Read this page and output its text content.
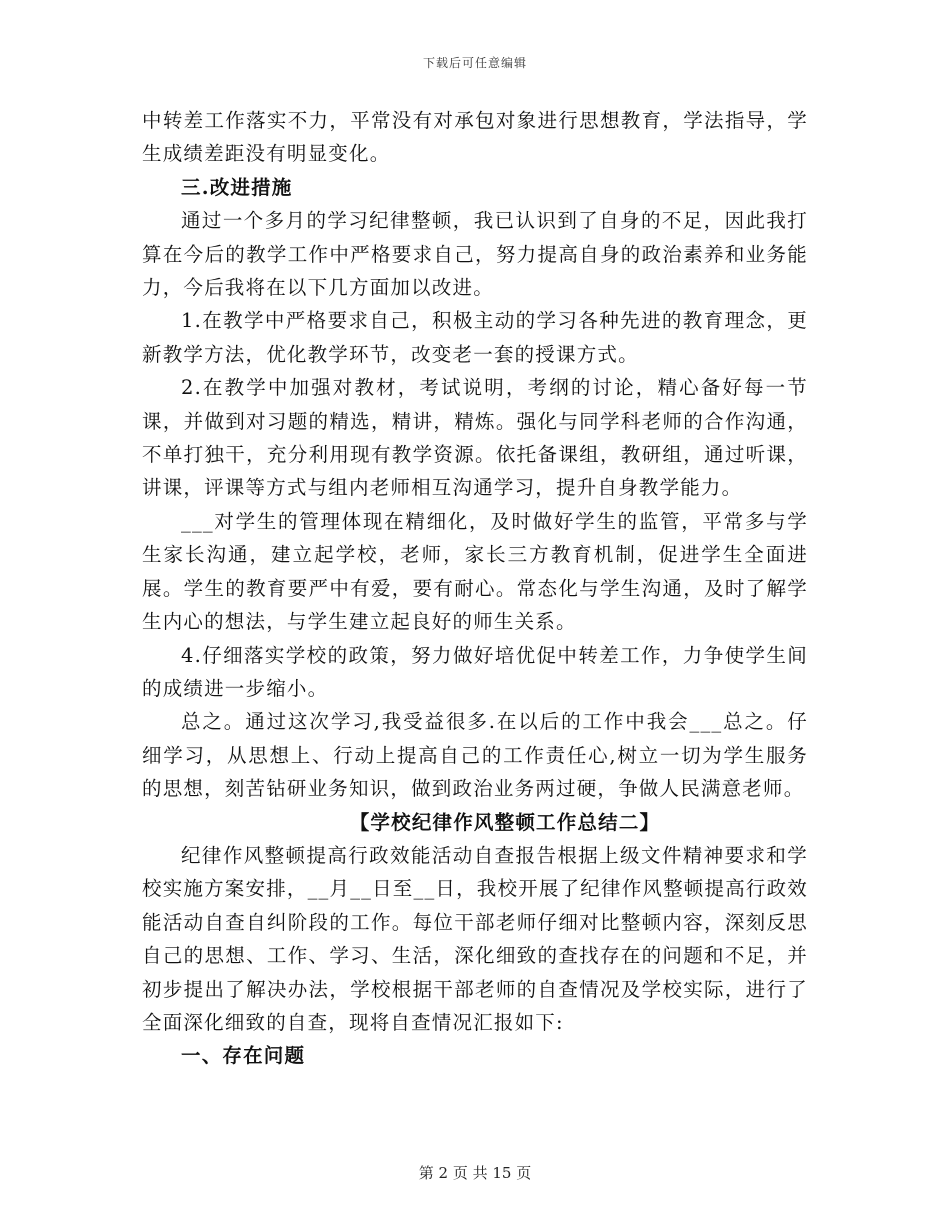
下载后可任意编辑

中转差工作落实不力，平常没有对承包对象进行思想教育，学法指导，学生成绩差距没有明显变化。

三.改进措施

通过一个多月的学习纪律整顿，我已认识到了自身的不足，因此我打算在今后的教学工作中严格要求自己，努力提高自身的政治素养和业务能力，今后我将在以下几方面加以改进。

1.在教学中严格要求自己，积极主动的学习各种先进的教育理念，更新教学方法，优化教学环节，改变老一套的授课方式。

2.在教学中加强对教材，考试说明，考纲的讨论，精心备好每一节课，并做到对习题的精选，精讲，精炼。强化与同学科老师的合作沟通，不单打独干，充分利用现有教学资源。依托备课组，教研组，通过听课，讲课，评课等方式与组内老师相互沟通学习，提升自身教学能力。

___对学生的管理体现在精细化，及时做好学生的监管，平常多与学生家长沟通，建立起学校，老师，家长三方教育机制，促进学生全面进展。学生的教育要严中有爱，要有耐心。常态化与学生沟通，及时了解学生内心的想法，与学生建立起良好的师生关系。

4.仔细落实学校的政策，努力做好培优促中转差工作，力争使学生间的成绩进一步缩小。

总之。通过这次学习,我受益很多.在以后的工作中我会___总之。仔细学习，从思想上、行动上提高自己的工作责任心,树立一切为学生服务的思想，刻苦钻研业务知识，做到政治业务两过硬，争做人民满意老师。

【学校纪律作风整顿工作总结二】

纪律作风整顿提高行政效能活动自查报告根据上级文件精神要求和学校实施方案安排，__月__日至__日，我校开展了纪律作风整顿提高行政效能活动自查自纠阶段的工作。每位干部老师仔细对比整顿内容，深刻反思自己的思想、工作、学习、生活，深化细致的查找存在的问题和不足，并初步提出了解决办法，学校根据干部老师的自查情况及学校实际，进行了全面深化细致的自查，现将自查情况汇报如下:

一、存在问题
第 2 页 共 15 页
